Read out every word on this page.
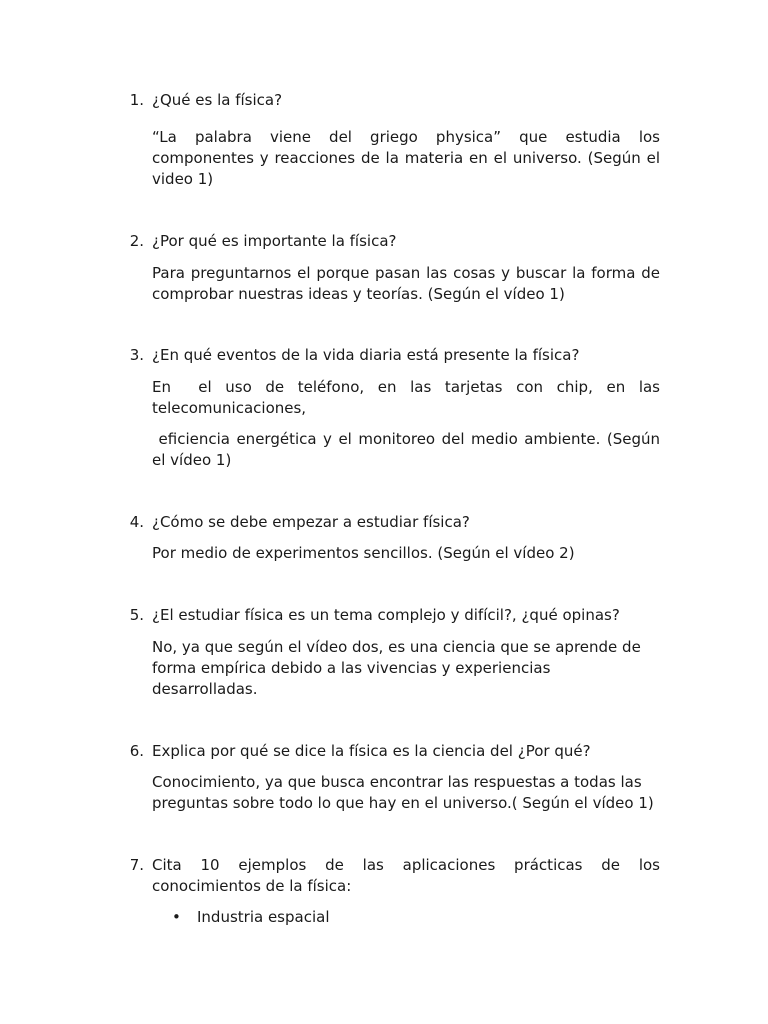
1. ¿Qué es la física?
“La palabra viene del griego physica” que estudia los componentes y reacciones de la materia en el universo. (Según el video 1)
2. ¿Por qué es importante la física?
Para preguntarnos el porque pasan las cosas y buscar la forma de comprobar nuestras ideas y teorías. (Según el vídeo 1)
3. ¿En qué eventos de la vida diaria está presente la física?
En  el uso de teléfono, en las tarjetas con chip, en las telecomunicaciones,
eficiencia energética y el monitoreo del medio ambiente. (Según el vídeo 1)
4. ¿Cómo se debe empezar a estudiar física?
Por medio de experimentos sencillos. (Según el vídeo 2)
5. ¿El estudiar física es un tema complejo y difícil?, ¿qué opinas?
No, ya que según el vídeo dos, es una ciencia que se aprende de forma empírica debido a las vivencias y experiencias desarrolladas.
6. Explica por qué se dice la física es la ciencia del ¿Por qué?
Conocimiento, ya que busca encontrar las respuestas a todas las preguntas sobre todo lo que hay en el universo.( Según el vídeo 1)
7. Cita 10 ejemplos de las aplicaciones prácticas de los conocimientos de la física:
• Industria espacial
